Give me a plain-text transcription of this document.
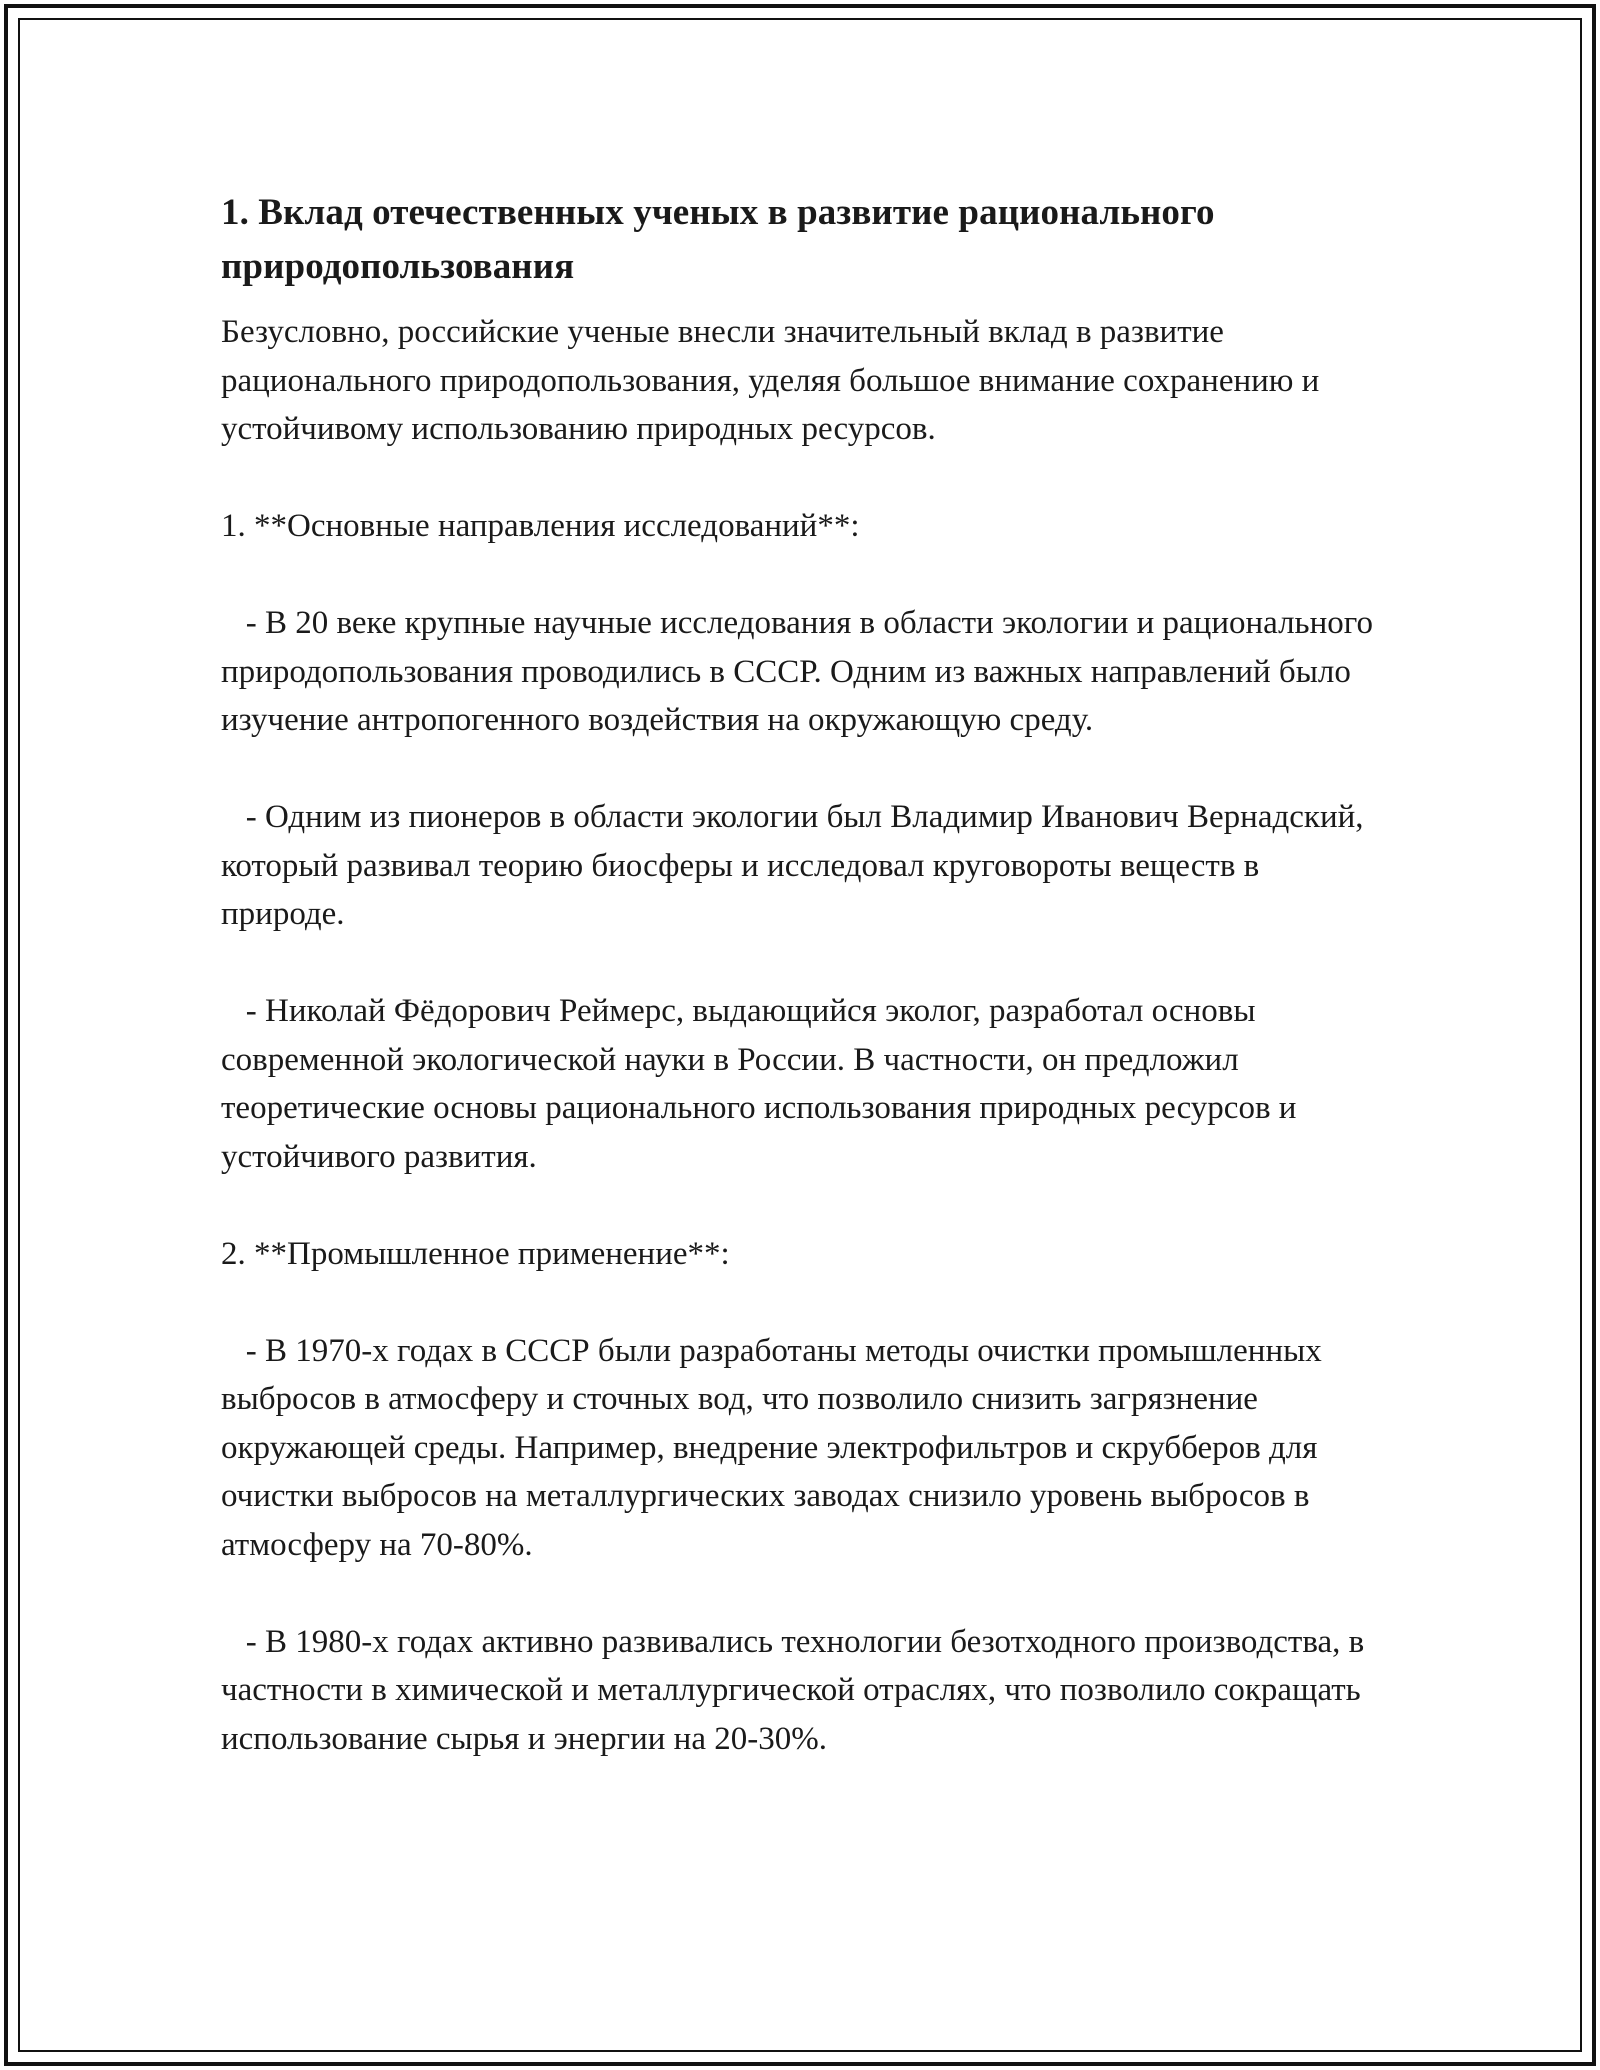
1. Вклад отечественных ученых в развитие рационального природопользования

Безусловно, российские ученые внесли значительный вклад в развитие рационального природопользования, уделяя большое внимание сохранению и устойчивому использованию природных ресурсов.

1. **Основные направления исследований**:

- В 20 веке крупные научные исследования в области экологии и рационального природопользования проводились в СССР. Одним из важных направлений было изучение антропогенного воздействия на окружающую среду.

- Одним из пионеров в области экологии был Владимир Иванович Вернадский, который развивал теорию биосферы и исследовал круговороты веществ в природе.

- Николай Фёдорович Реймерс, выдающийся эколог, разработал основы современной экологической науки в России. В частности, он предложил теоретические основы рационального использования природных ресурсов и устойчивого развития.

2. **Промышленное применение**:

- В 1970-х годах в СССР были разработаны методы очистки промышленных выбросов в атмосферу и сточных вод, что позволило снизить загрязнение окружающей среды. Например, внедрение электрофильтров и скрубберов для очистки выбросов на металлургических заводах снизило уровень выбросов в атмосферу на 70-80%.

- В 1980-х годах активно развивались технологии безотходного производства, в частности в химической и металлургической отраслях, что позволило сокращать использование сырья и энергии на 20-30%.
